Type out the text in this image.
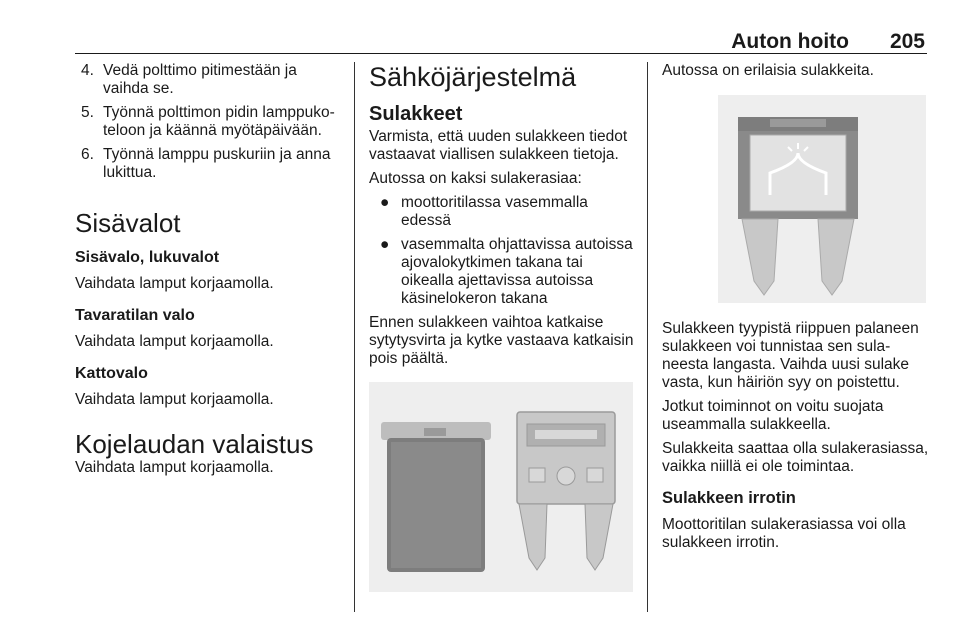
Auton hoito 205
4. Vedä polttimo pitimestään ja vaihda se.
5. Työnnä polttimon pidin lamppukoteloon ja käännä myötäpäivään.
6. Työnnä lamppu puskuriin ja anna lukittua.
Sisävalot
Sisävalo, lukuvalot

Vaihdata lamput korjaamolla.

Tavaratilan valo

Vaihdata lamput korjaamolla.

Kattovalo

Vaihdata lamput korjaamolla.

Kojelaudan valaistus

Vaihdata lamput korjaamolla.

Sähköjärjestelmä
Sulakkeet

Varmista, että uuden sulakkeen tiedot vastaavat viallisen sulakkeen tietoja.

Autossa on kaksi sulakerasiaa:

● moottoritilassa vasemmalla edessä
● vasemmalta ohjattavissa autoissa ajovalokytkimen takana tai oikealla ajettavissa autoissa käsinelokeron takana

Ennen sulakkeen vaihtoa katkaise sytytysvirta ja kytke vastaava katkaisin pois päältä.

Autossa on erilaisia sulakkeita.

Sulakkeen tyypistä riippuen palaneen sulakkeen voi tunnistaa sen sulaneesta langasta. Vaihda uusi sulake vasta, kun häiriön syy on poistettu.

Jotkut toiminnot on voitu suojata useammalla sulakkeella.

Sulakkeita saattaa olla sulakerasiassa, vaikka niillä ei ole toimintaa.

Sulakkeen irrotin

Moottoritilan sulakerasiassa voi olla sulakkeen irrotin.
